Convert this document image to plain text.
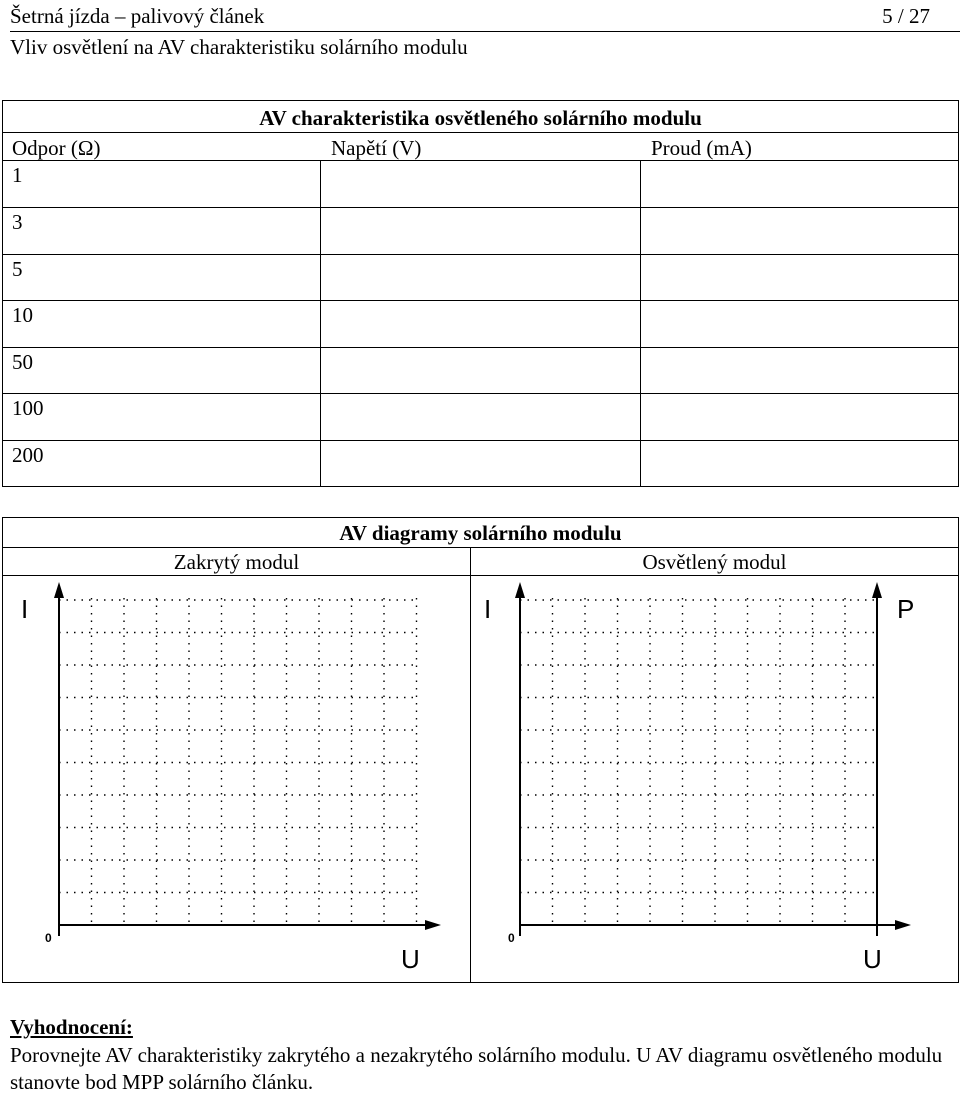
Šetrná jízda – palivový článek	5 / 27
Vliv osvětlení na AV charakteristiku solárního modulu
AV charakteristika osvětleného solárního modulu
Odpor (Ω)	Napětí (V)	Proud (mA)
1
3
5
10
50
100
200
AV diagramy solárního modulu
Zakrytý modul	Osvětlený modul
I
U
0
I	P
U
0
Vyhodnocení:
Porovnejte AV charakteristiky zakrytého a nezakrytého solárního modulu. U AV diagramu osvětleného modulu stanovte bod MPP solárního článku.
